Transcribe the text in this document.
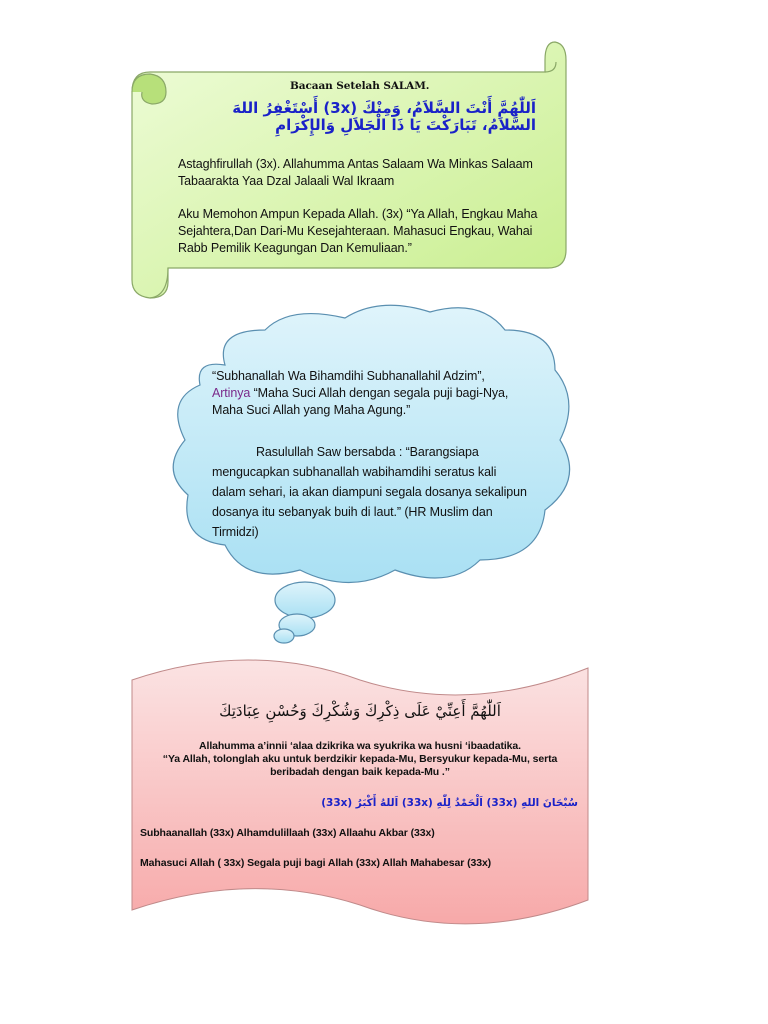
Bacaan Setelah SALAM.
اَللّٰهُمَّ أَنْتَ السَّلاَمُ، وَمِنْكَ (3x) أَسْتَغْفِرُ اللهَ السَّلاَمُ، تَبَارَكْتَ يَا ذَا الْجَلاَلِ وَالإِكْرَامِ
Astaghfirullah (3x). Allahumma Antas Salaam Wa Minkas Salaam Tabaarakta Yaa Dzal Jalaali Wal Ikraam
Aku Memohon Ampun Kepada Allah. (3x) “Ya Allah, Engkau Maha Sejahtera,Dan Dari-Mu Kesejahteraan. Mahasuci Engkau, Wahai Rabb Pemilik Keagungan Dan Kemuliaan.”
“Subhanallah Wa Bihamdihi Subhanallahil Adzim”,
Artinya “Maha Suci Allah dengan segala puji bagi-Nya, Maha Suci Allah yang Maha Agung.”
Rasulullah Saw bersabda : “Barangsiapa mengucapkan subhanallah wabihamdihi seratus kali dalam sehari, ia akan diampuni segala dosanya sekalipun dosanya itu sebanyak buih di laut.” (HR Muslim dan Tirmidzi)
اَللّٰهُمَّ أَعِنِّيْ عَلَى ذِكْرِكَ وَشُكْرِكَ وَحُسْنِ عِبَادَتِكَ
Allahumma a’innii ‘alaa dzikrika wa syukrika wa husni ‘ibaadatika.
“Ya Allah, tolonglah aku untuk berdzikir kepada-Mu, Bersyukur kepada-Mu, serta beribadah dengan baik kepada-Mu .”
سُبْحَانَ اللهِ (33x) اَلْحَمْدُ لِلّٰهِ (33x) اَللهُ أَكْبَرُ (33x)
Subhaanallah (33x) Alhamdulillaah (33x) Allaahu Akbar (33x)
Mahasuci Allah ( 33x) Segala puji bagi Allah (33x) Allah Mahabesar (33x)
